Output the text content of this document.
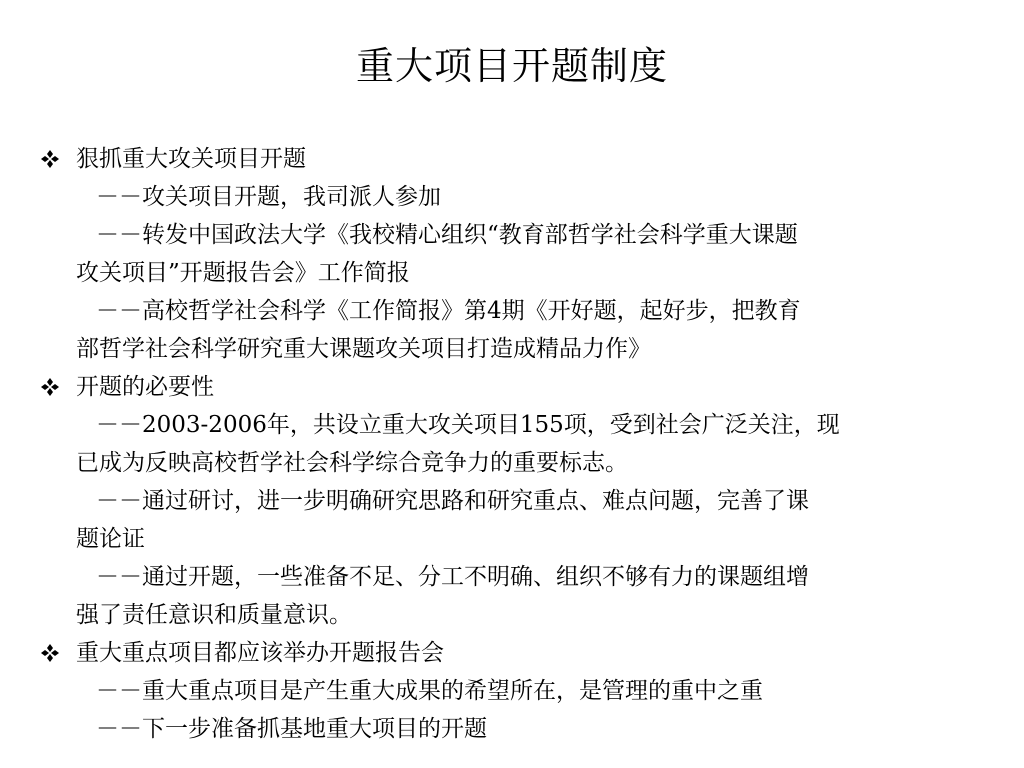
重大项目开题制度
狠抓重大攻关项目开题
－－攻关项目开题，我司派人参加
－－转发中国政法大学《我校精心组织“教育部哲学社会科学重大课题
攻关项目”开题报告会》工作简报
－－高校哲学社会科学《工作简报》第4期《开好题，起好步，把教育
部哲学社会科学研究重大课题攻关项目打造成精品力作》
开题的必要性
－－2003-2006年，共设立重大攻关项目155项，受到社会广泛关注，现
已成为反映高校哲学社会科学综合竞争力的重要标志。
－－通过研讨，进一步明确研究思路和研究重点、难点问题，完善了课
题论证
－－通过开题，一些准备不足、分工不明确、组织不够有力的课题组增
强了责任意识和质量意识。
重大重点项目都应该举办开题报告会
－－重大重点项目是产生重大成果的希望所在，是管理的重中之重
－－下一步准备抓基地重大项目的开题
